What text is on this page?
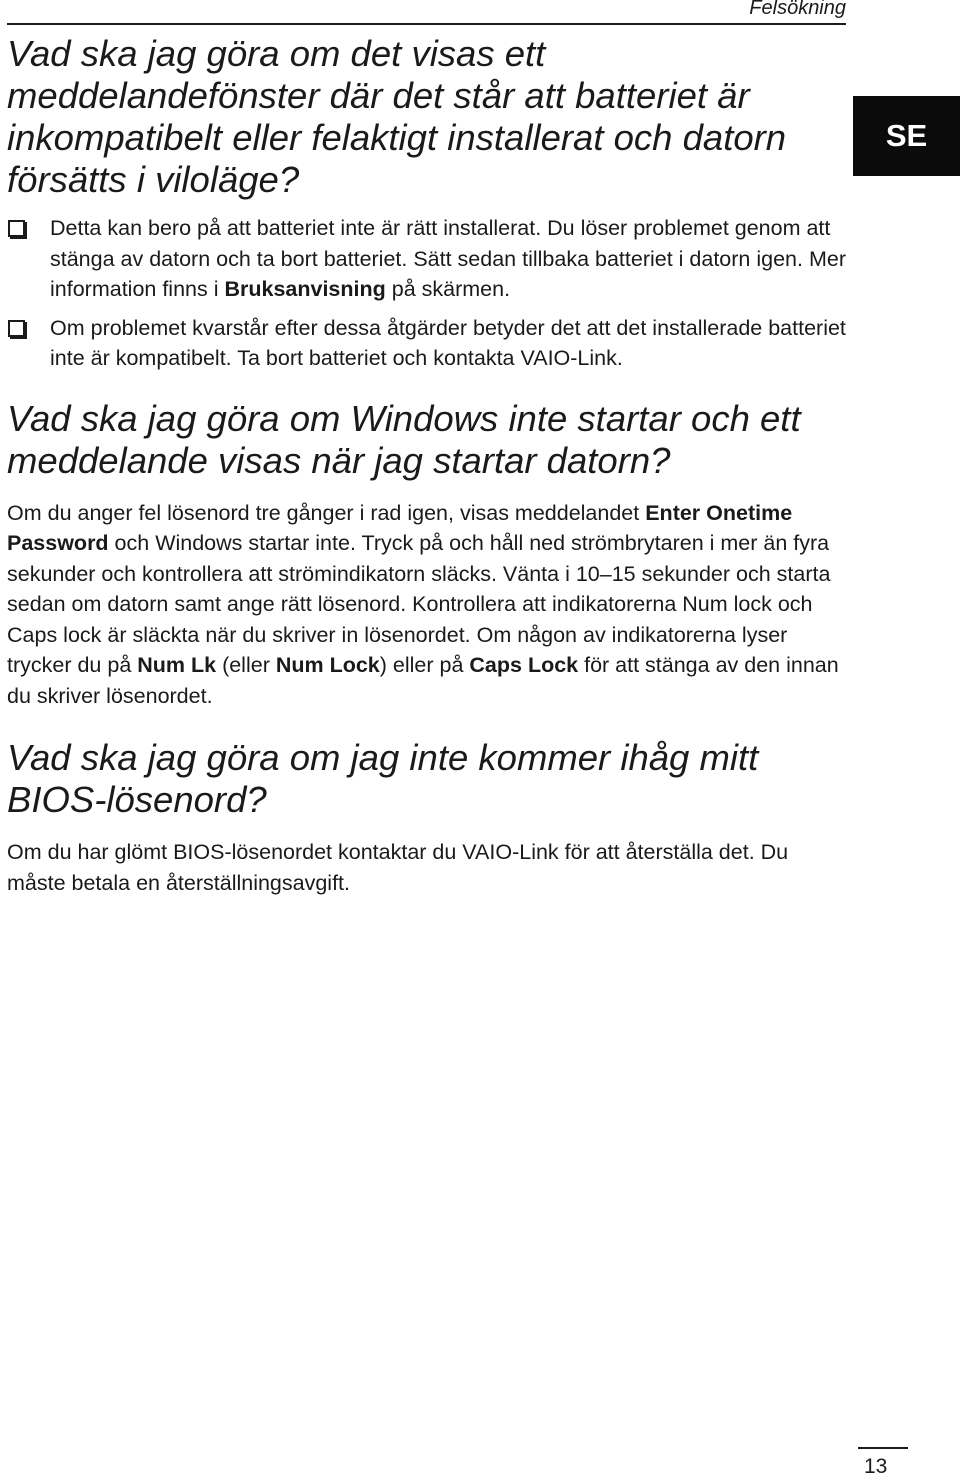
Felsökning
SE
Vad ska jag göra om det visas ett meddelandefönster där det står att batteriet är inkompatibelt eller felaktigt installerat och datorn försätts i viloläge?
Detta kan bero på att batteriet inte är rätt installerat. Du löser problemet genom att stänga av datorn och ta bort batteriet. Sätt sedan tillbaka batteriet i datorn igen. Mer information finns i Bruksanvisning på skärmen.
Om problemet kvarstår efter dessa åtgärder betyder det att det installerade batteriet inte är kompatibelt. Ta bort batteriet och kontakta VAIO-Link.
Vad ska jag göra om Windows inte startar och ett meddelande visas när jag startar datorn?

Om du anger fel lösenord tre gånger i rad igen, visas meddelandet Enter Onetime Password och Windows startar inte. Tryck på och håll ned strömbrytaren i mer än fyra sekunder och kontrollera att strömindikatorn släcks. Vänta i 10–15 sekunder och starta sedan om datorn samt ange rätt lösenord. Kontrollera att indikatorerna Num lock och Caps lock är släckta när du skriver in lösenordet. Om någon av indikatorerna lyser trycker du på Num Lk (eller Num Lock) eller på Caps Lock för att stänga av den innan du skriver lösenordet.

Vad ska jag göra om jag inte kommer ihåg mitt BIOS-lösenord?

Om du har glömt BIOS-lösenordet kontaktar du VAIO-Link för att återställa det. Du måste betala en återställningsavgift.

13
